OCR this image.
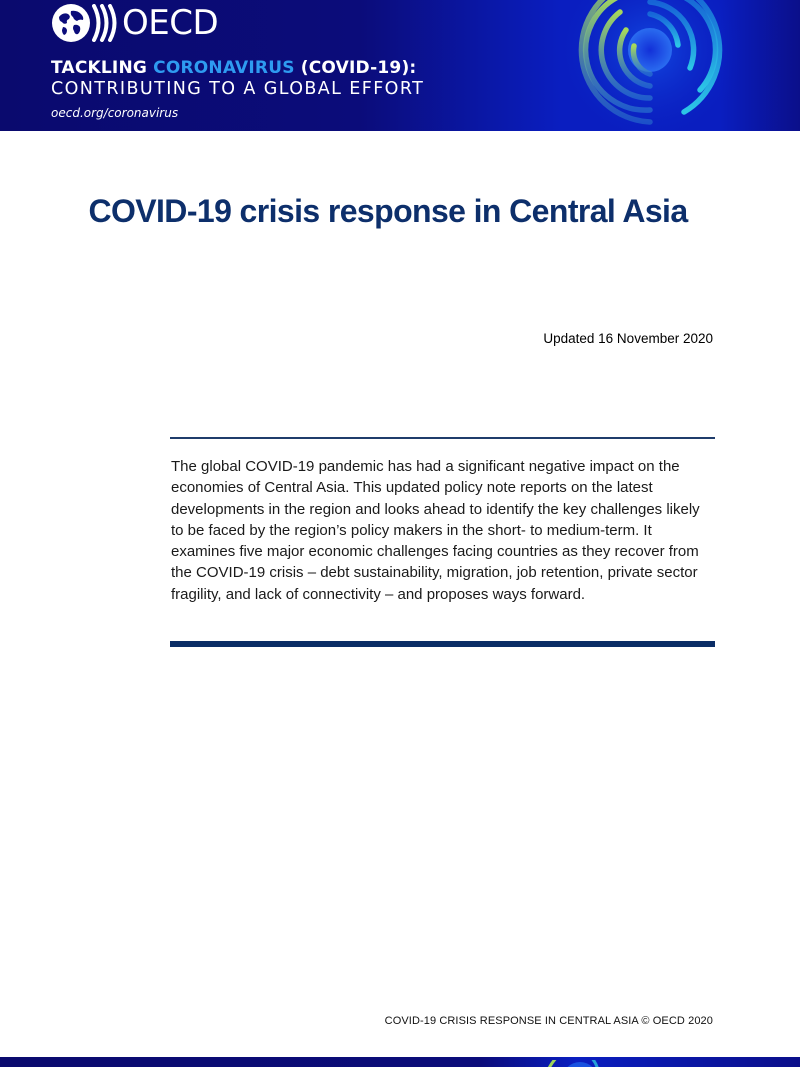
OECD
TACKLING CORONAVIRUS (COVID-19):
CONTRIBUTING TO A GLOBAL EFFORT
oecd.org/coronavirus
COVID-19 crisis response in Central Asia
Updated 16 November 2020

The global COVID-19 pandemic has had a significant negative impact on the economies of Central Asia. This updated policy note reports on the latest developments in the region and looks ahead to identify the key challenges likely to be faced by the region’s policy makers in the short- to medium-term. It examines five major economic challenges facing countries as they recover from the COVID-19 crisis – debt sustainability, migration, job retention, private sector fragility, and lack of connectivity – and proposes ways forward.

COVID-19 CRISIS RESPONSE IN CENTRAL ASIA © OECD 2020
